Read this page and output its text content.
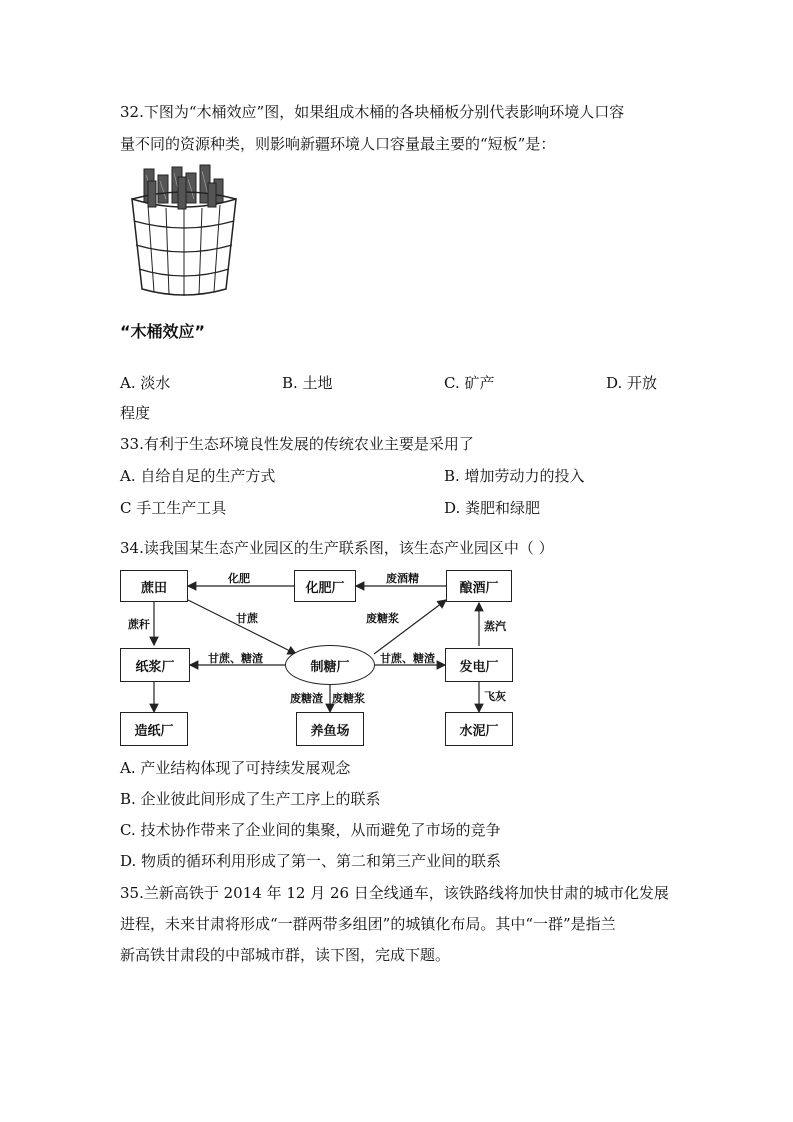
32.下图为“木桶效应”图，如果组成木桶的各块桶板分别代表影响环境人口容
量不同的资源种类，则影响新疆环境人口容量最主要的“短板”是：
“木桶效应”
A. 淡水	B. 土地	C. 矿产	D. 开放
程度
33.有利于生态环境良性发展的传统农业主要是采用了
A. 自给自足的生产方式	B. 增加劳动力的投入
C 手工生产工具	D. 粪肥和绿肥
34.读我国某生态产业园区的生产联系图，该生态产业园区中（ ）
蔗田	化肥厂	酿酒厂
纸浆厂	制糖厂	发电厂
造纸厂	养鱼场	水泥厂
化肥	废酒精
甘蔗	废糖浆
蔗秆	蒸汽
甘蔗、糖渣	甘蔗、糖渣
废糖渣 废糖浆	飞灰
A. 产业结构体现了可持续发展观念
B. 企业彼此间形成了生产工序上的联系
C. 技术协作带来了企业间的集聚，从而避免了市场的竞争
D. 物质的循环利用形成了第一、第二和第三产业间的联系
35.兰新高铁于 2014 年 12 月 26 日全线通车，该铁路线将加快甘肃的城市化发展
进程，未来甘肃将形成“一群两带多组团”的城镇化布局。其中“一群”是指兰
新高铁甘肃段的中部城市群，读下图，完成下题。
